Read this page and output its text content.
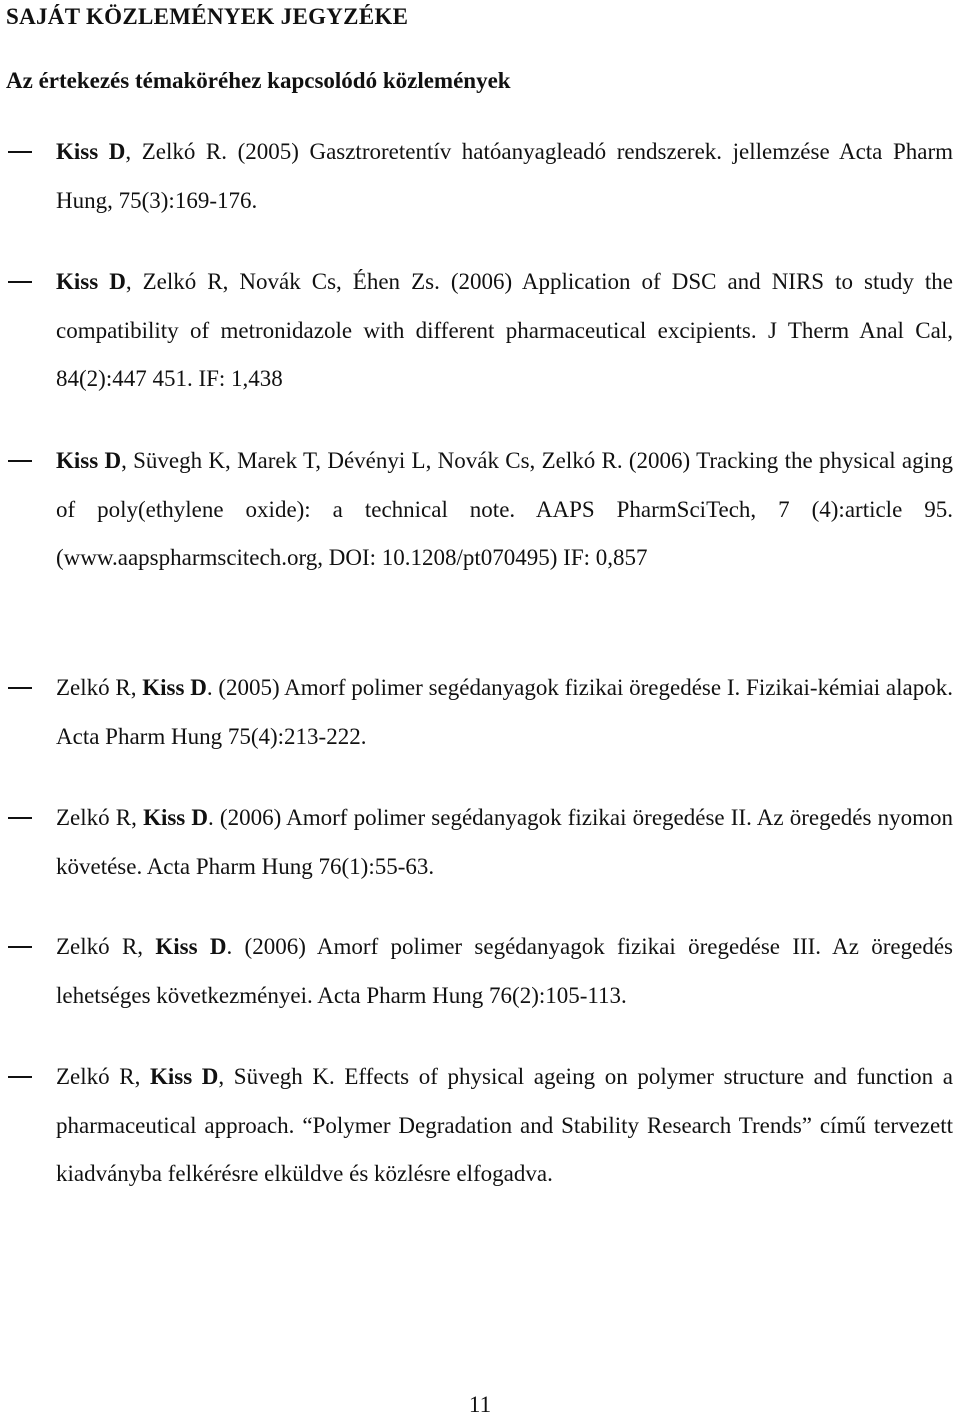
SAJÁT KÖZLEMÉNYEK JEGYZÉKE
Az értekezés témaköréhez kapcsolódó közlemények

Kiss D, Zelkó R. (2005) Gasztroretentív hatóanyagleadó rendszerek. jellemzése Acta Pharm Hung, 75(3):169-176.

Kiss D, Zelkó R, Novák Cs, Éhen Zs. (2006) Application of DSC and NIRS to study the compatibility of metronidazole with different pharmaceutical excipients. J Therm Anal Cal, 84(2):447 451. IF: 1,438

Kiss D, Süvegh K, Marek T, Dévényi L, Novák Cs, Zelkó R. (2006) Tracking the physical aging of poly(ethylene oxide): a technical note. AAPS PharmSciTech, 7 (4):article 95. (www.aapspharmscitech.org, DOI: 10.1208/pt070495) IF: 0,857

Zelkó R, Kiss D. (2005) Amorf polimer segédanyagok fizikai öregedése I. Fizikai-kémiai alapok. Acta Pharm Hung 75(4):213-222.

Zelkó R, Kiss D. (2006) Amorf polimer segédanyagok fizikai öregedése II. Az öregedés nyomon követése. Acta Pharm Hung 76(1):55-63.

Zelkó R, Kiss D. (2006) Amorf polimer segédanyagok fizikai öregedése III. Az öregedés lehetséges következményei. Acta Pharm Hung 76(2):105-113.

Zelkó R, Kiss D, Süvegh K. Effects of physical ageing on polymer structure and function a pharmaceutical approach. “Polymer Degradation and Stability Research Trends” című tervezett kiadványba felkérésre elküldve és közlésre elfogadva.

11
